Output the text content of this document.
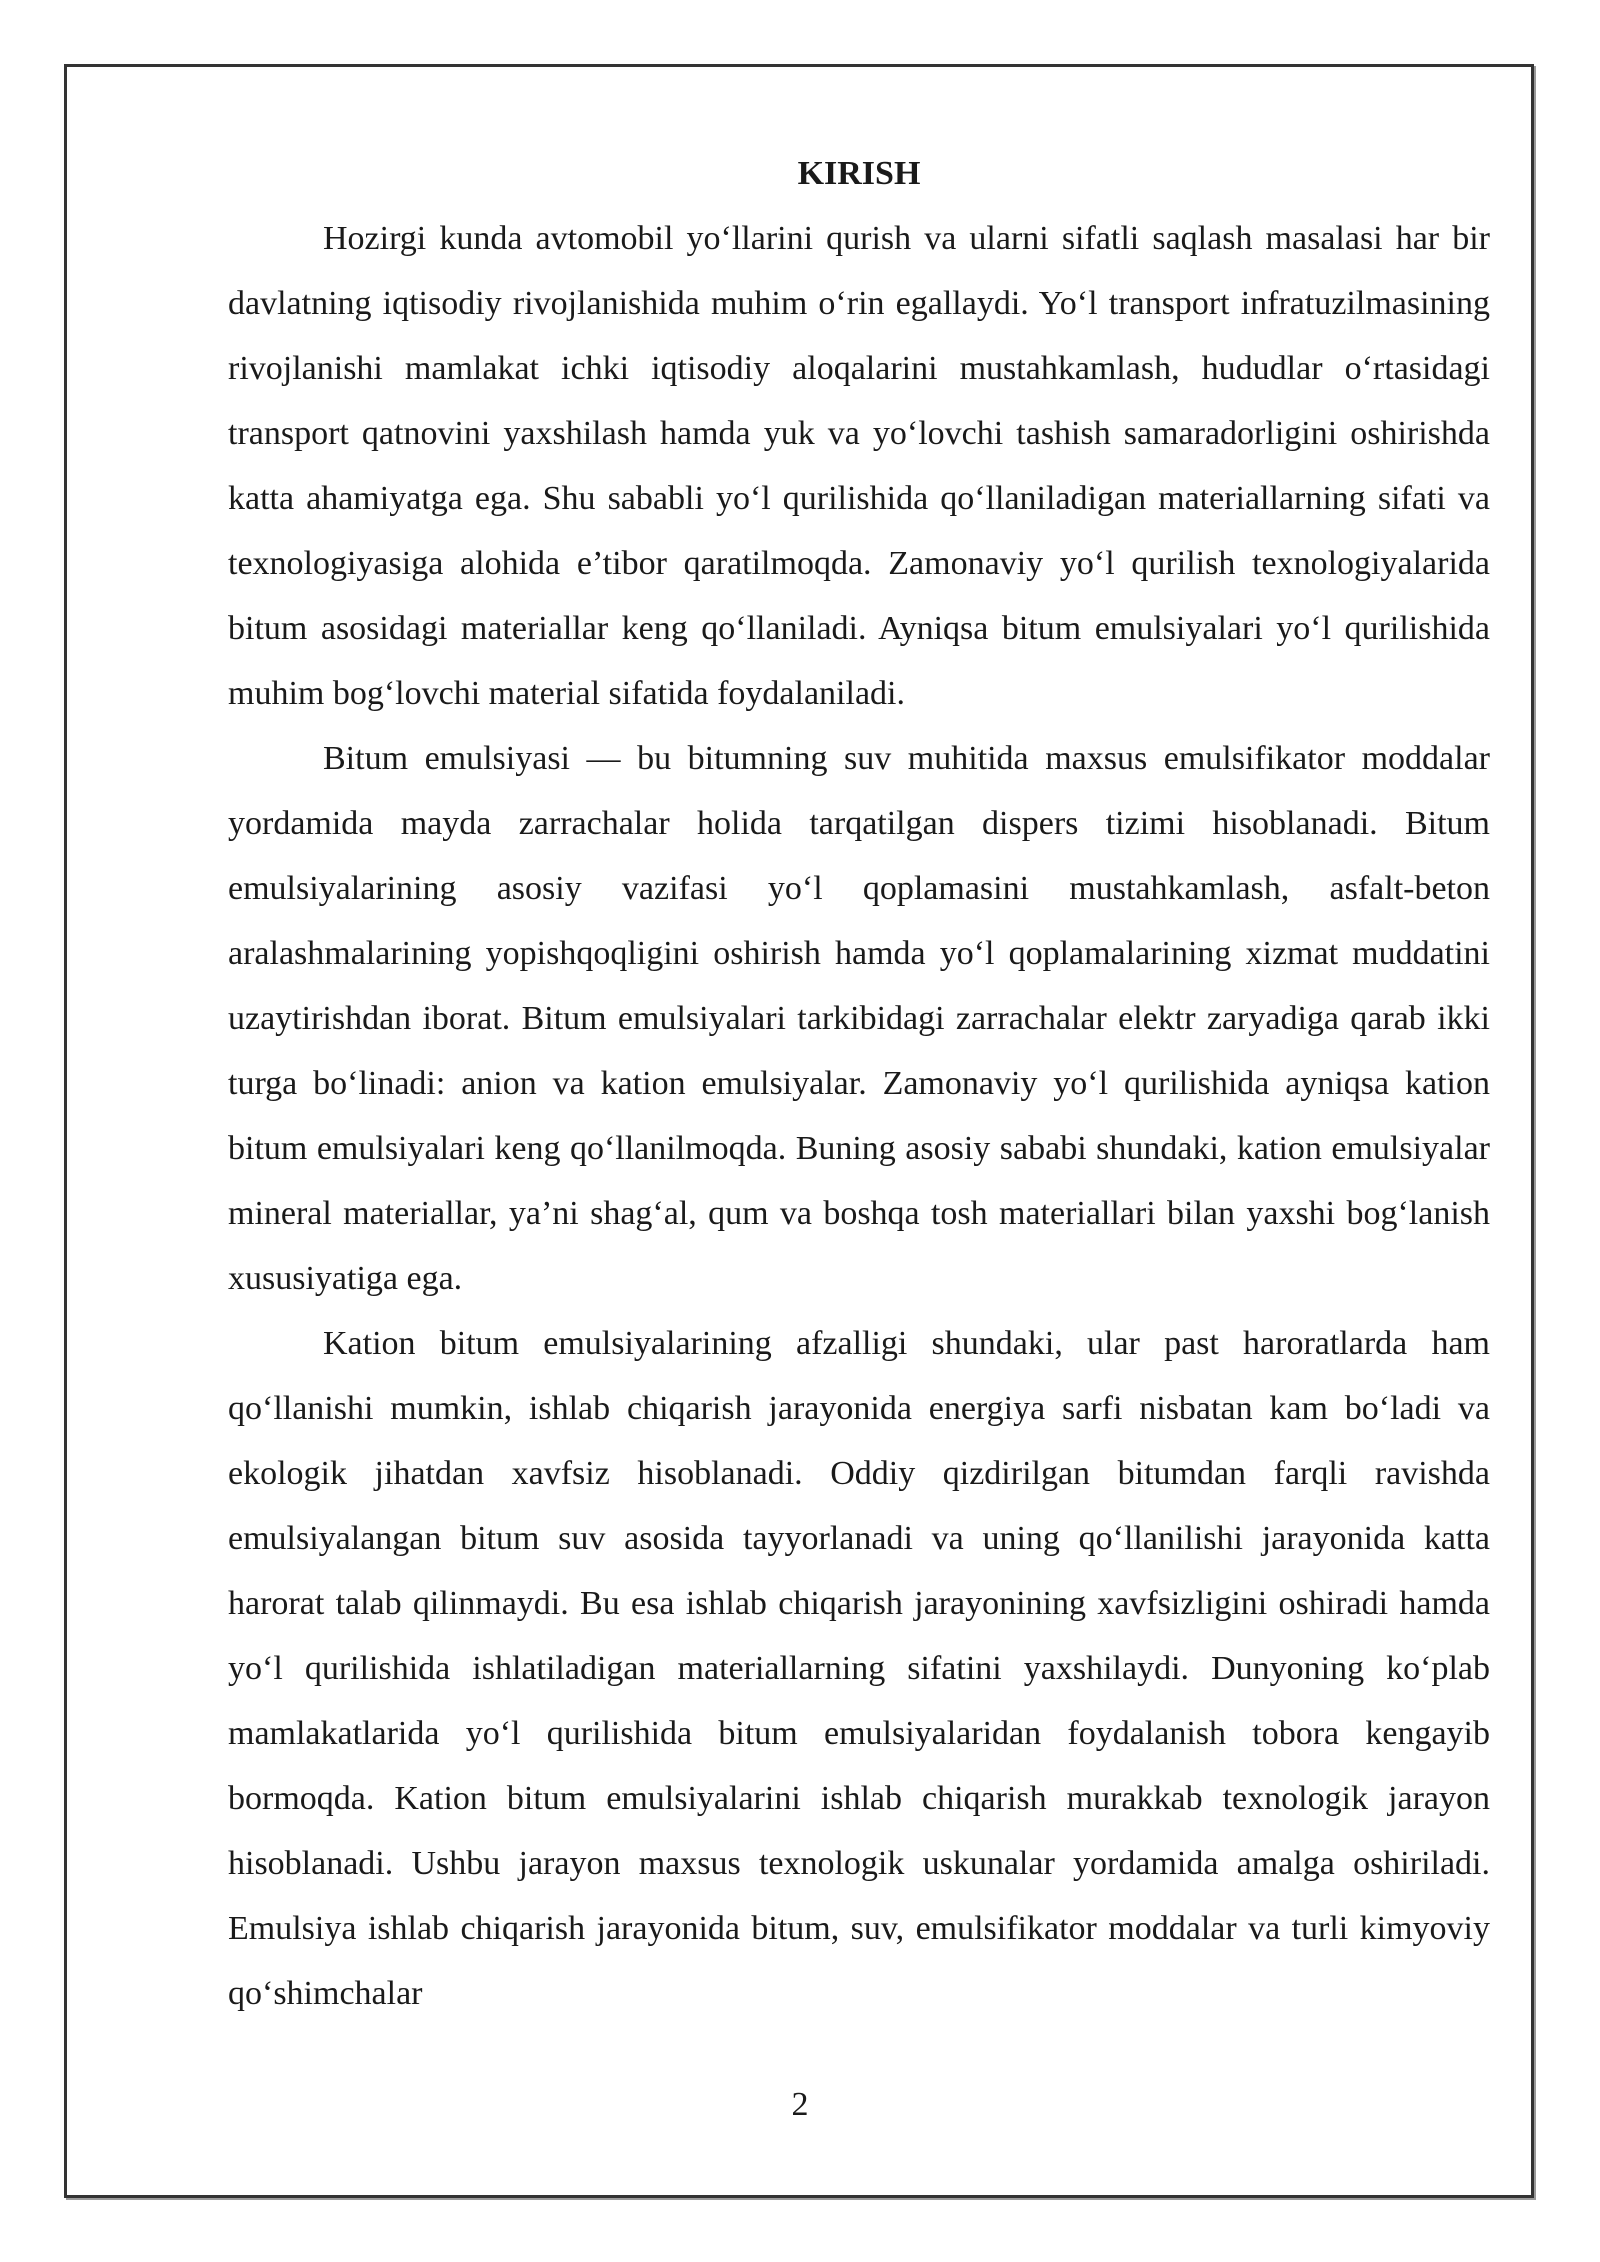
KIRISH

Hozirgi kunda avtomobil yo‘llarini qurish va ularni sifatli saqlash masalasi har bir davlatning iqtisodiy rivojlanishida muhim o‘rin egallaydi. Yo‘l transport infratuzilmasining rivojlanishi mamlakat ichki iqtisodiy aloqalarini mustahkamlash, hududlar o‘rtasidagi transport qatnovini yaxshilash hamda yuk va yo‘lovchi tashish samaradorligini oshirishda katta ahamiyatga ega. Shu sababli yo‘l qurilishida qo‘llaniladigan materiallarning sifati va texnologiyasiga alohida e’tibor qaratilmoqda. Zamonaviy yo‘l qurilish texnologiyalarida bitum asosidagi materiallar keng qo‘llaniladi. Ayniqsa bitum emulsiyalari yo‘l qurilishida muhim bog‘lovchi material sifatida foydalaniladi.

Bitum emulsiyasi — bu bitumning suv muhitida maxsus emulsifikator moddalar yordamida mayda zarrachalar holida tarqatilgan dispers tizimi hisoblanadi. Bitum emulsiyalarining asosiy vazifasi yo‘l qoplamasini mustahkamlash, asfalt-beton aralashmalarining yopishqoqligini oshirish hamda yo‘l qoplamalarining xizmat muddatini uzaytirishdan iborat. Bitum emulsiyalari tarkibidagi zarrachalar elektr zaryadiga qarab ikki turga bo‘linadi: anion va kation emulsiyalar. Zamonaviy yo‘l qurilishida ayniqsa kation bitum emulsiyalari keng qo‘llanilmoqda. Buning asosiy sababi shundaki, kation emulsiyalar mineral materiallar, ya’ni shag‘al, qum va boshqa tosh materiallari bilan yaxshi bog‘lanish xususiyatiga ega.

Kation bitum emulsiyalarining afzalligi shundaki, ular past haroratlarda ham qo‘llanishi mumkin, ishlab chiqarish jarayonida energiya sarfi nisbatan kam bo‘ladi va ekologik jihatdan xavfsiz hisoblanadi. Oddiy qizdirilgan bitumdan farqli ravishda emulsiyalangan bitum suv asosida tayyorlanadi va uning qo‘llanilishi jarayonida katta harorat talab qilinmaydi. Bu esa ishlab chiqarish jarayonining xavfsizligini oshiradi hamda yo‘l qurilishida ishlatiladigan materiallarning sifatini yaxshilaydi. Dunyoning ko‘plab mamlakatlarida yo‘l qurilishida bitum emulsiyalaridan foydalanish tobora kengayib bormoqda. Kation bitum emulsiyalarini ishlab chiqarish murakkab texnologik jarayon hisoblanadi. Ushbu jarayon maxsus texnologik uskunalar yordamida amalga oshiriladi. Emulsiya ishlab chiqarish jarayonida bitum, suv, emulsifikator moddalar va turli kimyoviy qo‘shimchalar

2
